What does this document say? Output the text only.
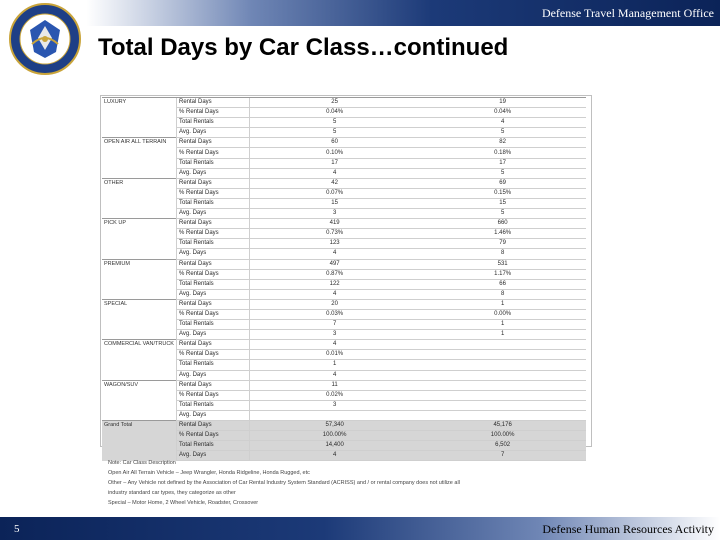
Defense Travel Management Office
Total Days by Car Class…continued
LUXURY	Rental Days	25	19
	% Rental Days	0.04%	0.04%
	Total Rentals	5	4
	Avg. Days	5	5
OPEN AIR ALL TERRAIN	Rental Days	60	82
	% Rental Days	0.10%	0.18%
	Total Rentals	17	17
	Avg. Days	4	5
OTHER	Rental Days	42	69
	% Rental Days	0.07%	0.15%
	Total Rentals	15	15
	Avg. Days	3	5
PICK UP	Rental Days	419	660
	% Rental Days	0.73%	1.46%
	Total Rentals	123	79
	Avg. Days	4	8
PREMIUM	Rental Days	497	531
	% Rental Days	0.87%	1.17%
	Total Rentals	122	66
	Avg. Days	4	8
SPECIAL	Rental Days	20	1
	% Rental Days	0.03%	0.00%
	Total Rentals	7	1
	Avg. Days	3	1
COMMERCIAL VAN/TRUCK	Rental Days	4	
	% Rental Days	0.01%	
	Total Rentals	1	
	Avg. Days	4	
WAGON/SUV	Rental Days	11	
	% Rental Days	0.02%	
	Total Rentals	3	
	Avg. Days		
Grand Total	Rental Days	57,340	45,176
	% Rental Days	100.00%	100.00%
	Total Rentals	14,400	6,502
	Avg. Days	4	7
Note: Car Class Description
Open Air All Terrain Vehicle – Jeep Wrangler, Honda Ridgeline, Honda Rugged, etc
Other – Any Vehicle not defined by the Association of Car Rental Industry System Standard (ACRISS) and / or rental company does not utilize all
industry standard car types, they categorize as other
Special – Motor Home, 2 Wheel Vehicle, Roadster, Crossover
5	Defense Human Resources Activity
